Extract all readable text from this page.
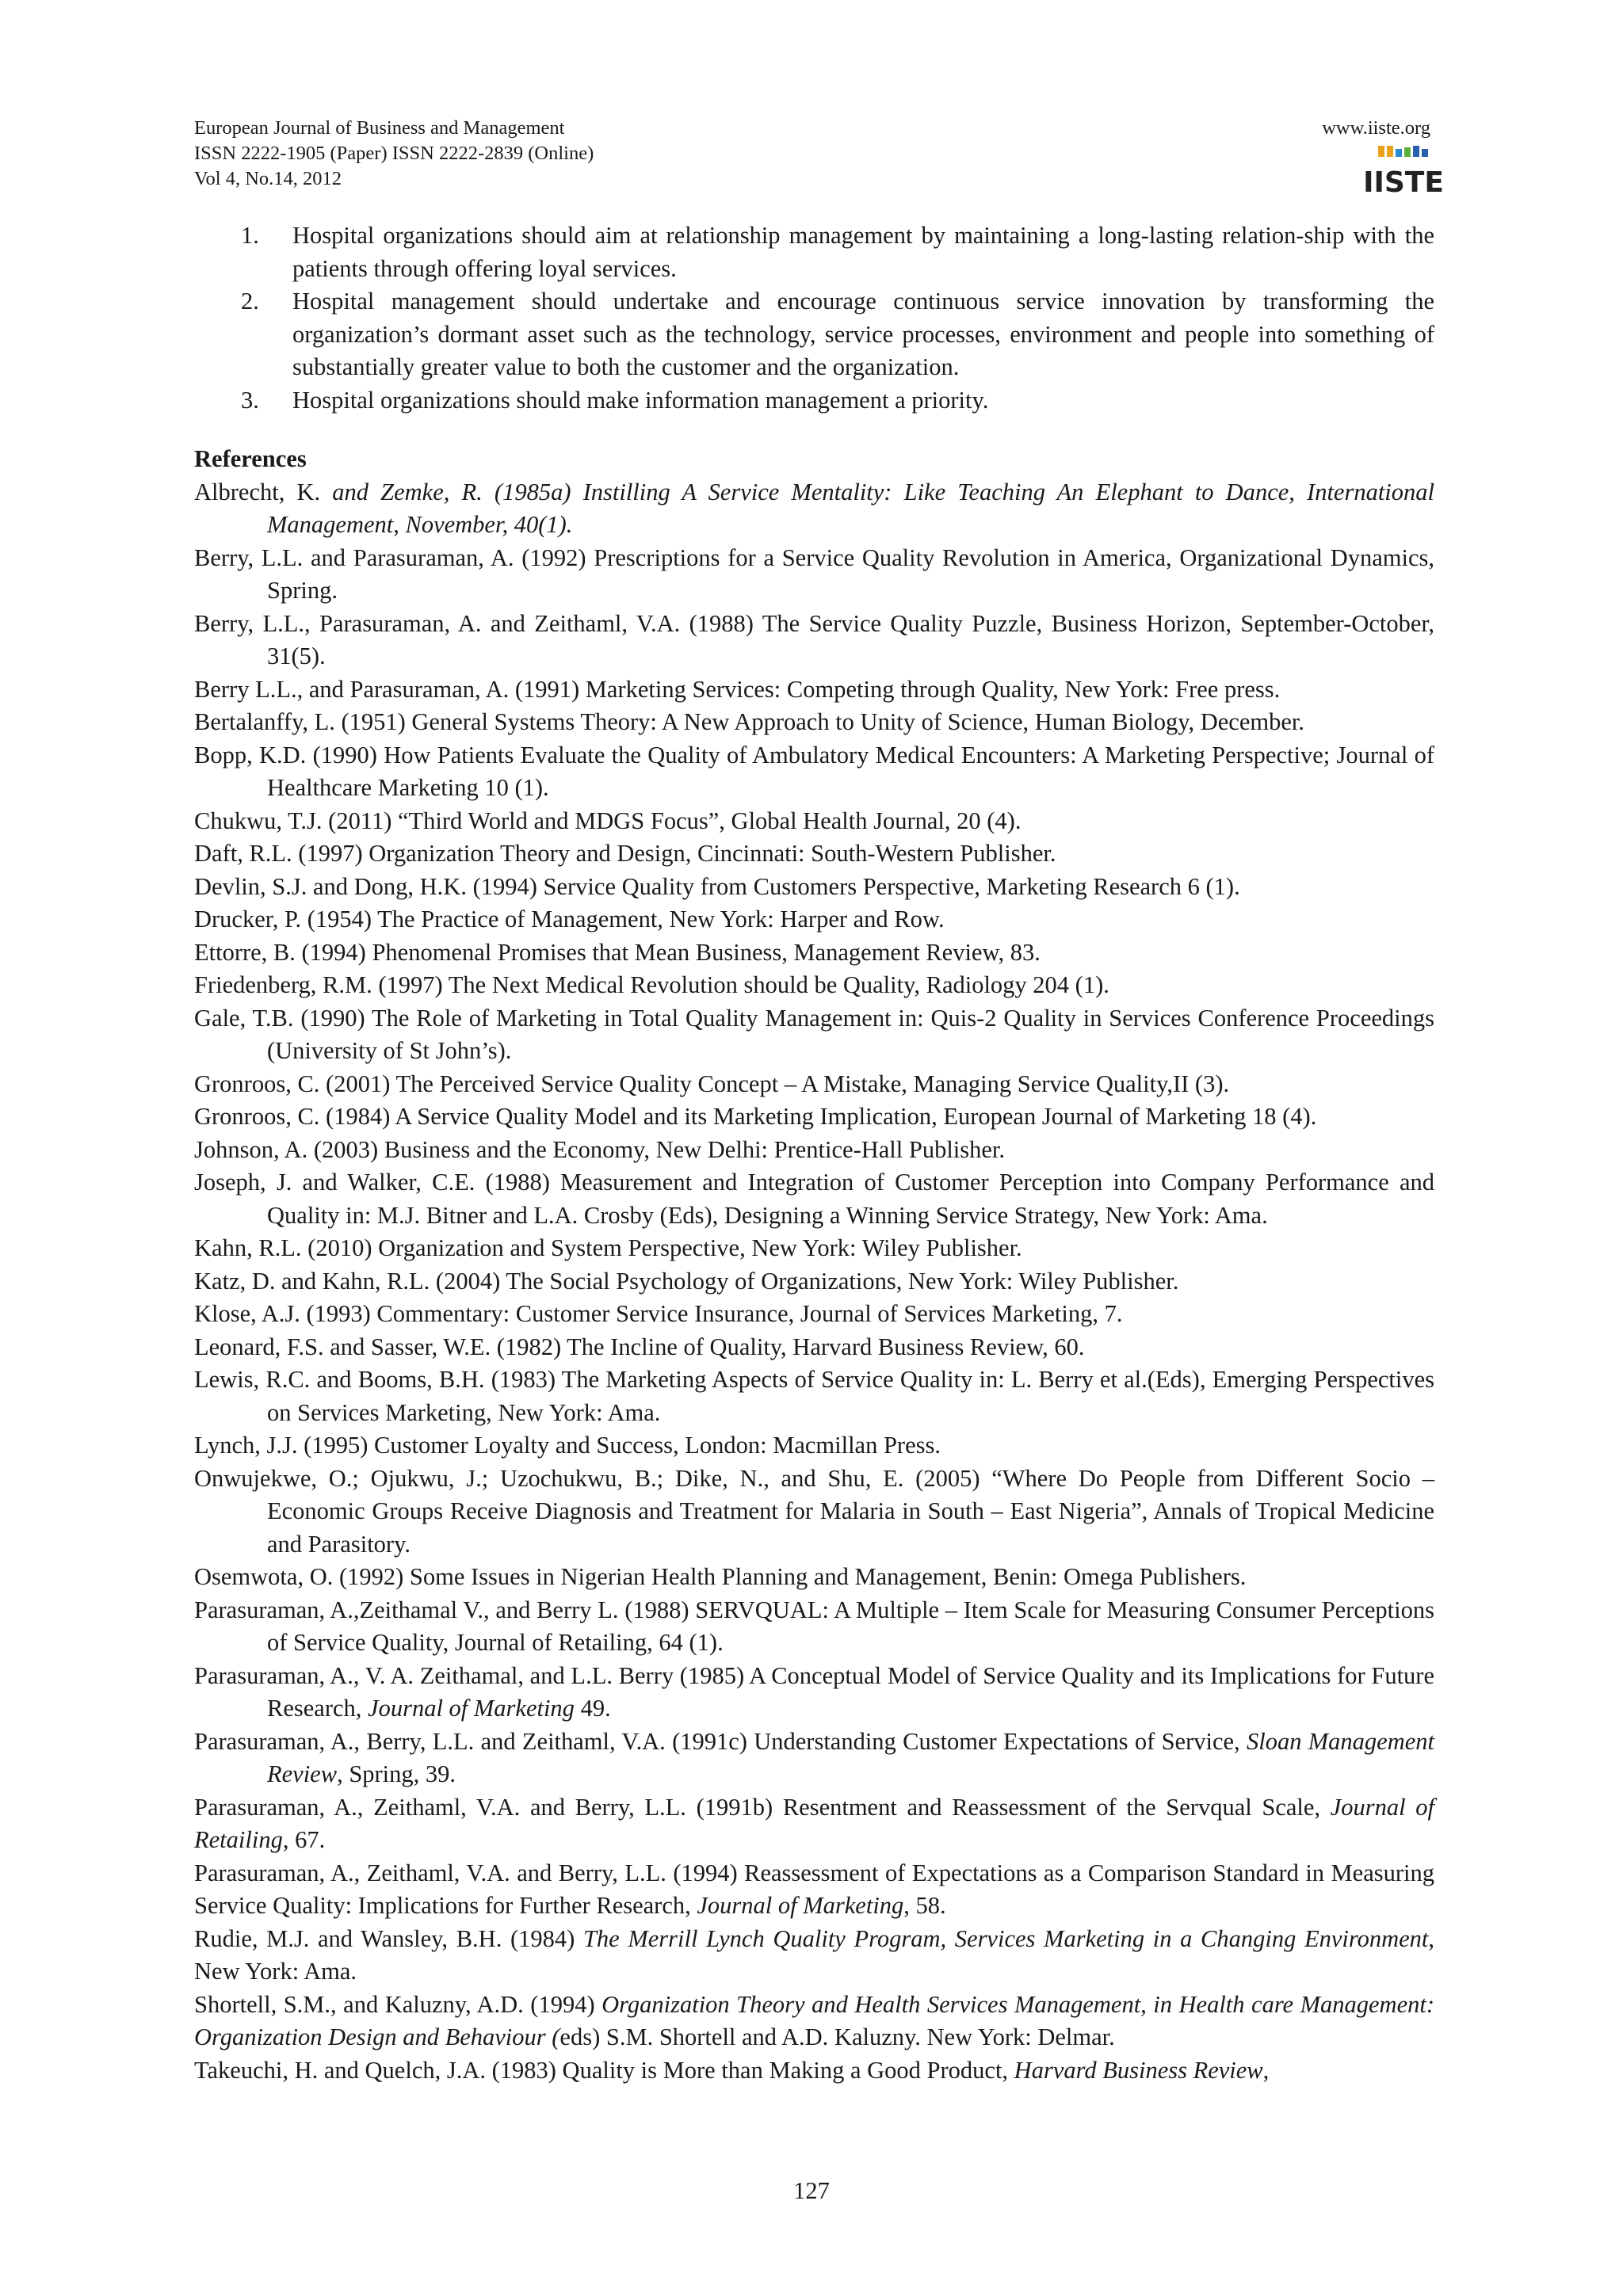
European Journal of Business and Management
ISSN 2222-1905 (Paper) ISSN 2222-2839 (Online)
Vol 4, No.14, 2012
www.iiste.org
IISTE
1. Hospital organizations should aim at relationship management by maintaining a long-lasting relation-ship with the patients through offering loyal services.
2. Hospital management should undertake and encourage continuous service innovation by transforming the organization’s dormant asset such as the technology, service processes, environment and people into something of substantially greater value to both the customer and the organization.
3. Hospital organizations should make information management a priority.
References
Albrecht, K. and Zemke, R. (1985a) Instilling A Service Mentality: Like Teaching An Elephant to Dance, International Management, November, 40(1).
Berry, L.L. and Parasuraman, A. (1992) Prescriptions for a Service Quality Revolution in America, Organizational Dynamics, Spring.
Berry, L.L., Parasuraman, A. and Zeithaml, V.A. (1988) The Service Quality Puzzle, Business Horizon, September-October, 31(5).
Berry L.L., and Parasuraman, A. (1991) Marketing Services: Competing through Quality, New York: Free press.
Bertalanffy, L. (1951) General Systems Theory: A New Approach to Unity of Science, Human Biology, December.
Bopp, K.D. (1990) How Patients Evaluate the Quality of Ambulatory Medical Encounters: A Marketing Perspective; Journal of Healthcare Marketing 10 (1).
Chukwu, T.J. (2011) “Third World and MDGS Focus”, Global Health Journal, 20 (4).
Daft, R.L. (1997) Organization Theory and Design, Cincinnati: South-Western Publisher.
Devlin, S.J. and Dong, H.K. (1994) Service Quality from Customers Perspective, Marketing Research 6 (1).
Drucker, P. (1954) The Practice of Management, New York: Harper and Row.
Ettorre, B. (1994) Phenomenal Promises that Mean Business, Management Review, 83.
Friedenberg, R.M. (1997) The Next Medical Revolution should be Quality, Radiology 204 (1).
Gale, T.B. (1990) The Role of Marketing in Total Quality Management in: Quis-2 Quality in Services Conference Proceedings (University of St John’s).
Gronroos, C. (2001) The Perceived Service Quality Concept – A Mistake, Managing Service Quality,II (3).
Gronroos, C. (1984) A Service Quality Model and its Marketing Implication, European Journal of Marketing 18 (4).
Johnson, A. (2003) Business and the Economy, New Delhi: Prentice-Hall Publisher.
Joseph, J. and Walker, C.E. (1988) Measurement and Integration of Customer Perception into Company Performance and Quality in: M.J. Bitner and L.A. Crosby (Eds), Designing a Winning Service Strategy, New York: Ama.
Kahn, R.L. (2010) Organization and System Perspective, New York: Wiley Publisher.
Katz, D. and Kahn, R.L. (2004) The Social Psychology of Organizations, New York: Wiley Publisher.
Klose, A.J. (1993) Commentary: Customer Service Insurance, Journal of Services Marketing, 7.
Leonard, F.S. and Sasser, W.E. (1982) The Incline of Quality, Harvard Business Review, 60.
Lewis, R.C. and Booms, B.H. (1983) The Marketing Aspects of Service Quality in: L. Berry et al.(Eds), Emerging Perspectives on Services Marketing, New York: Ama.
Lynch, J.J. (1995) Customer Loyalty and Success, London: Macmillan Press.
Onwujekwe, O.; Ojukwu, J.; Uzochukwu, B.; Dike, N., and Shu, E. (2005) “Where Do People from Different Socio – Economic Groups Receive Diagnosis and Treatment for Malaria in South – East Nigeria”, Annals of Tropical Medicine and Parasitory.
Osemwota, O. (1992) Some Issues in Nigerian Health Planning and Management, Benin: Omega Publishers.
Parasuraman, A.,Zeithamal V., and Berry L. (1988) SERVQUAL: A Multiple – Item Scale for Measuring Consumer Perceptions of Service Quality, Journal of Retailing, 64 (1).
Parasuraman, A., V. A. Zeithamal, and L.L. Berry (1985) A Conceptual Model of Service Quality and its Implications for Future Research, Journal of Marketing 49.
Parasuraman, A., Berry, L.L. and Zeithaml, V.A. (1991c) Understanding Customer Expectations of Service, Sloan Management Review, Spring, 39.
Parasuraman, A., Zeithaml, V.A. and Berry, L.L. (1991b) Resentment and Reassessment of the Servqual Scale, Journal of Retailing, 67.
Parasuraman, A., Zeithaml, V.A. and Berry, L.L. (1994) Reassessment of Expectations as a Comparison Standard in Measuring Service Quality: Implications for Further Research, Journal of Marketing, 58.
Rudie, M.J. and Wansley, B.H. (1984) The Merrill Lynch Quality Program, Services Marketing in a Changing Environment, New York: Ama.
Shortell, S.M., and Kaluzny, A.D. (1994) Organization Theory and Health Services Management, in Health care Management: Organization Design and Behaviour (eds) S.M. Shortell and A.D. Kaluzny. New York: Delmar.
Takeuchi, H. and Quelch, J.A. (1983) Quality is More than Making a Good Product, Harvard Business Review,
127
